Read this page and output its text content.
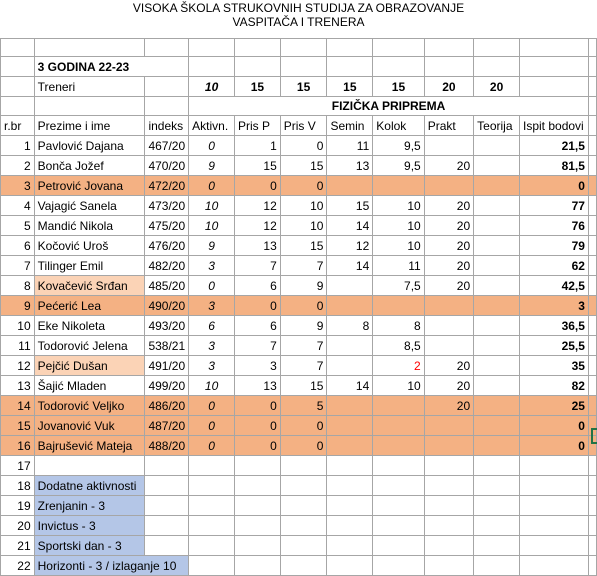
VISOKA ŠKOLA STRUKOVNIH STUDIJA ZA OBRAZOVANJE
VASPITAČA I TRENERA

	3 GODINA 22-23										
	Treneri		10	15	15	15	15	20	20		
			FIZIČKA PRIPREMA								
r.br	Prezime i ime	indeks	Aktivn.	Pris P	Pris V	Semin	Kolok	Prakt	Teorija	Ispit bodovi	
1	Pavlović Dajana	467/20	0	1	0	11	9,5			21,5	
2	Bonča Jožef	470/20	9	15	15	13	9,5	20		81,5	
3	Petrović Jovana	472/20	0	0	0					0	
4	Vajagić Sanela	473/20	10	12	10	15	10	20		77	
5	Mandić Nikola	475/20	10	12	10	14	10	20		76	
6	Kočović Uroš	476/20	9	13	15	12	10	20		79	
7	Tilinger Emil	482/20	3	7	7	14	11	20		62	
8	Kovačević Srđan	485/20	0	6	9		7,5	20		42,5	
9	Pećerić Lea	490/20	3	0	0					3	
10	Eke Nikoleta	493/20	6	6	9	8	8			36,5	
11	Todorović Jelena	538/21	3	7	7		8,5			25,5	
12	Pejčić Dušan	491/20	3	3	7		2	20		35	
13	Šajić Mladen	499/20	10	13	15	14	10	20		82	
14	Todorović Veljko	486/20	0	0	5			20		25	
15	Jovanović Vuk	487/20	0	0	0					0	
16	Bajrušević Mateja	488/20	0	0	0					0	
17											
18	Dodatne aktivnosti										
19	Zrenjanin - 3										
20	Invictus - 3										
21	Sportski dan - 3										
22	Horizonti - 3 / izlaganje 10										
